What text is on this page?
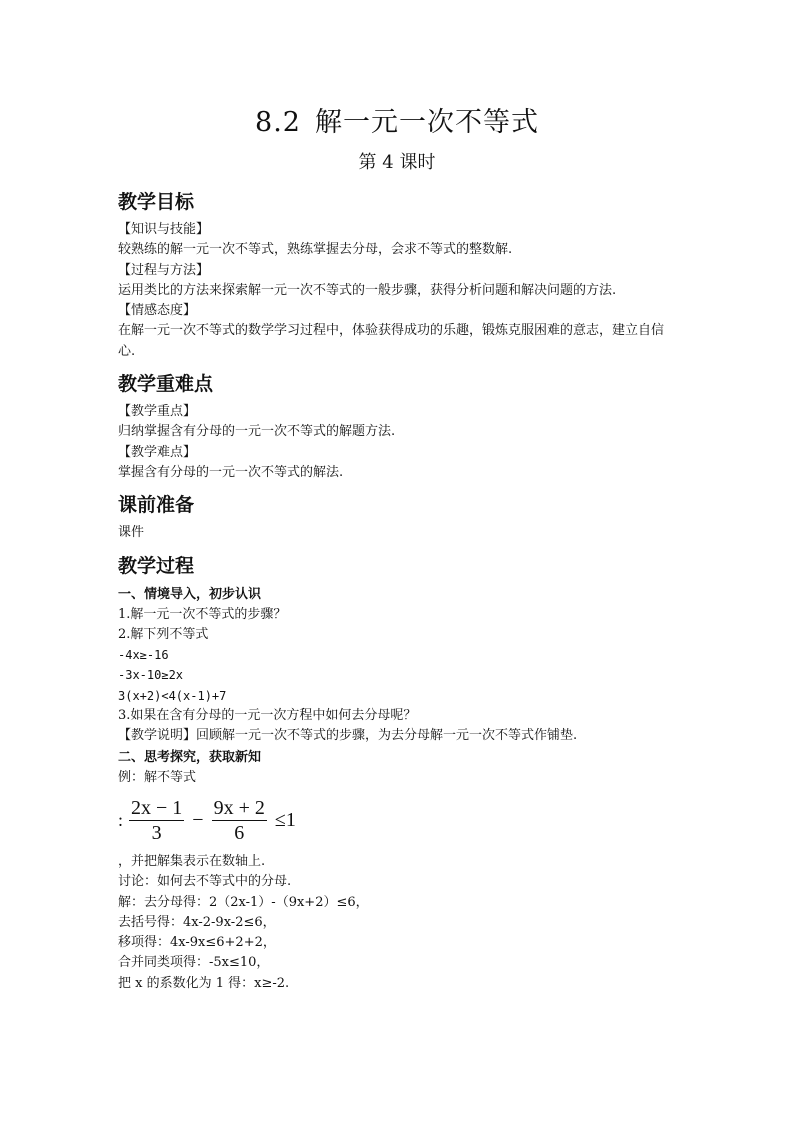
8.2 解一元一次不等式
第 4 课时
教学目标

【知识与技能】

较熟练的解一元一次不等式，熟练掌握去分母，会求不等式的整数解.

【过程与方法】

运用类比的方法来探索解一元一次不等式的一般步骤，获得分析问题和解决问题的方法.

【情感态度】

在解一元一次不等式的数学学习过程中，体验获得成功的乐趣，锻炼克服困难的意志，建立自信心.

教学重难点

【教学重点】

归纳掌握含有分母的一元一次不等式的解题方法.

【教学难点】

掌握含有分母的一元一次不等式的解法.

课前准备

课件

教学过程

一、情境导入，初步认识

1.解一元一次不等式的步骤？

2.解下列不等式

-4x≥-16

-3x-10≥2x

3(x+2)<4(x-1)+7

3.如果在含有分母的一元一次方程中如何去分母呢？

【教学说明】回顾解一元一次不等式的步骤，为去分母解一元一次不等式作铺垫.

二、思考探究，获取新知

例：解不等式

: $\frac{2x - 1}{3} - \frac{9x + 2}{6} \le 1$

，并把解集表示在数轴上.

讨论：如何去不等式中的分母.

解：去分母得：2（2x-1）-（9x+2）≤6，

去括号得：4x-2-9x-2≤6，

移项得：4x-9x≤6+2+2，

合并同类项得：-5x≤10，

把 x 的系数化为 1 得：x≥-2.
